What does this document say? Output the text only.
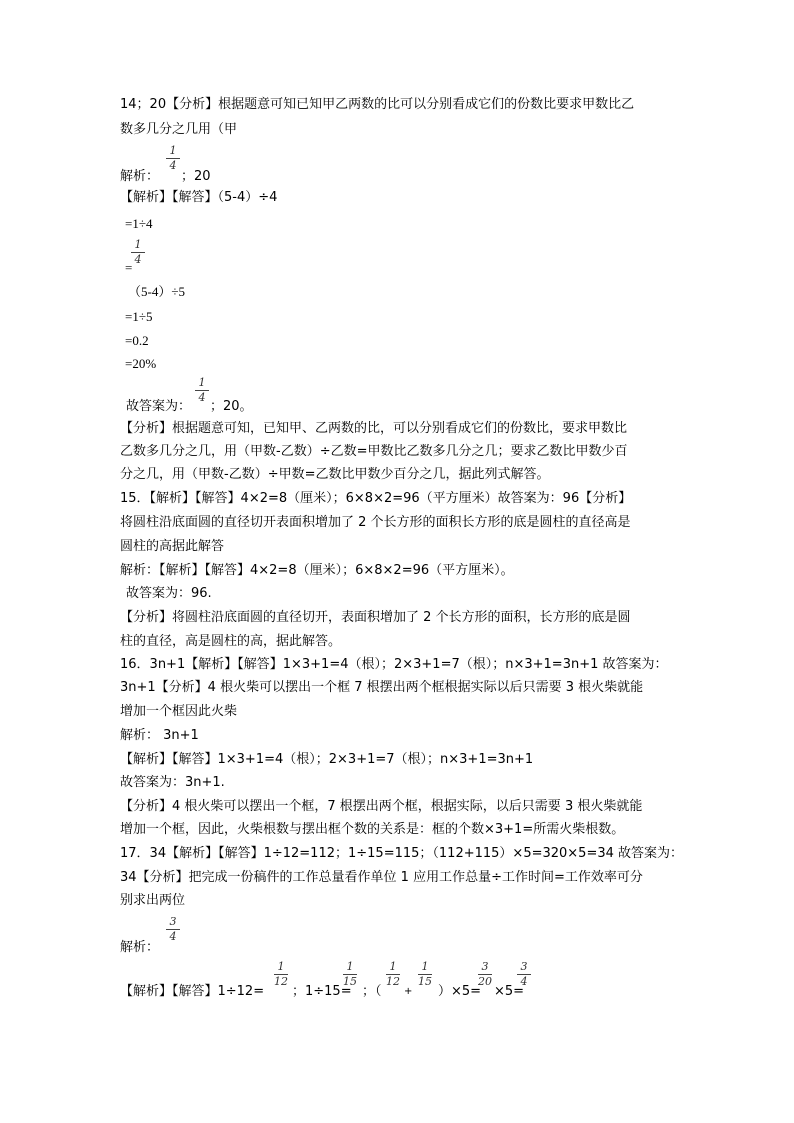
14；20【分析】根据题意可知已知甲乙两数的比可以分别看成它们的份数比要求甲数比乙
数多几分之几用（甲
1
4
解析： ；20
【解析】【解答】（5-4）÷4
=1÷4
1
4
=
（5-4）÷5
=1÷5
=0.2
=20%
1
4
故答案为： ；20。
【分析】根据题意可知，已知甲、乙两数的比，可以分别看成它们的份数比，要求甲数比
乙数多几分之几，用（甲数-乙数）÷乙数=甲数比乙数多几分之几；要求乙数比甲数少百
分之几，用（甲数-乙数）÷甲数=乙数比甲数少百分之几，据此列式解答。
15．【解析】【解答】4×2=8（厘米）；6×8×2=96（平方厘米）故答案为：96【分析】
将圆柱沿底面圆的直径切开表面积增加了 2 个长方形的面积长方形的底是圆柱的直径高是
圆柱的高据此解答
解析：【解析】【解答】4×2=8（厘米）；6×8×2=96（平方厘米）。
故答案为：96.
【分析】将圆柱沿底面圆的直径切开，表面积增加了 2 个长方形的面积，长方形的底是圆
柱的直径，高是圆柱的高，据此解答。
16．3n+1【解析】【解答】1×3+1=4（根）；2×3+1=7（根）；n×3+1=3n+1 故答案为：
3n+1【分析】4 根火柴可以摆出一个框 7 根摆出两个框根据实际以后只需要 3 根火柴就能
增加一个框因此火柴
解析： 3n+1
【解析】【解答】1×3+1=4（根）；2×3+1=7（根）；n×3+1=3n+1
故答案为：3n+1.
【分析】4 根火柴可以摆出一个框，7 根摆出两个框，根据实际，以后只需要 3 根火柴就能
增加一个框，因此，火柴根数与摆出框个数的关系是：框的个数×3+1=所需火柴根数。
17．34【解析】【解答】1÷12=112；1÷15=115；（112+115）×5=320×5=34 故答案为：
34【分析】把完成一份稿件的工作总量看作单位 1 应用工作总量÷工作时间=工作效率可分
别求出两位
3
4
解析：
【解析】【解答】1÷12=
1
12
；1÷15=
1
15
；（
1
12
+
1
15
）×5=
3
20
×5=
3
4
